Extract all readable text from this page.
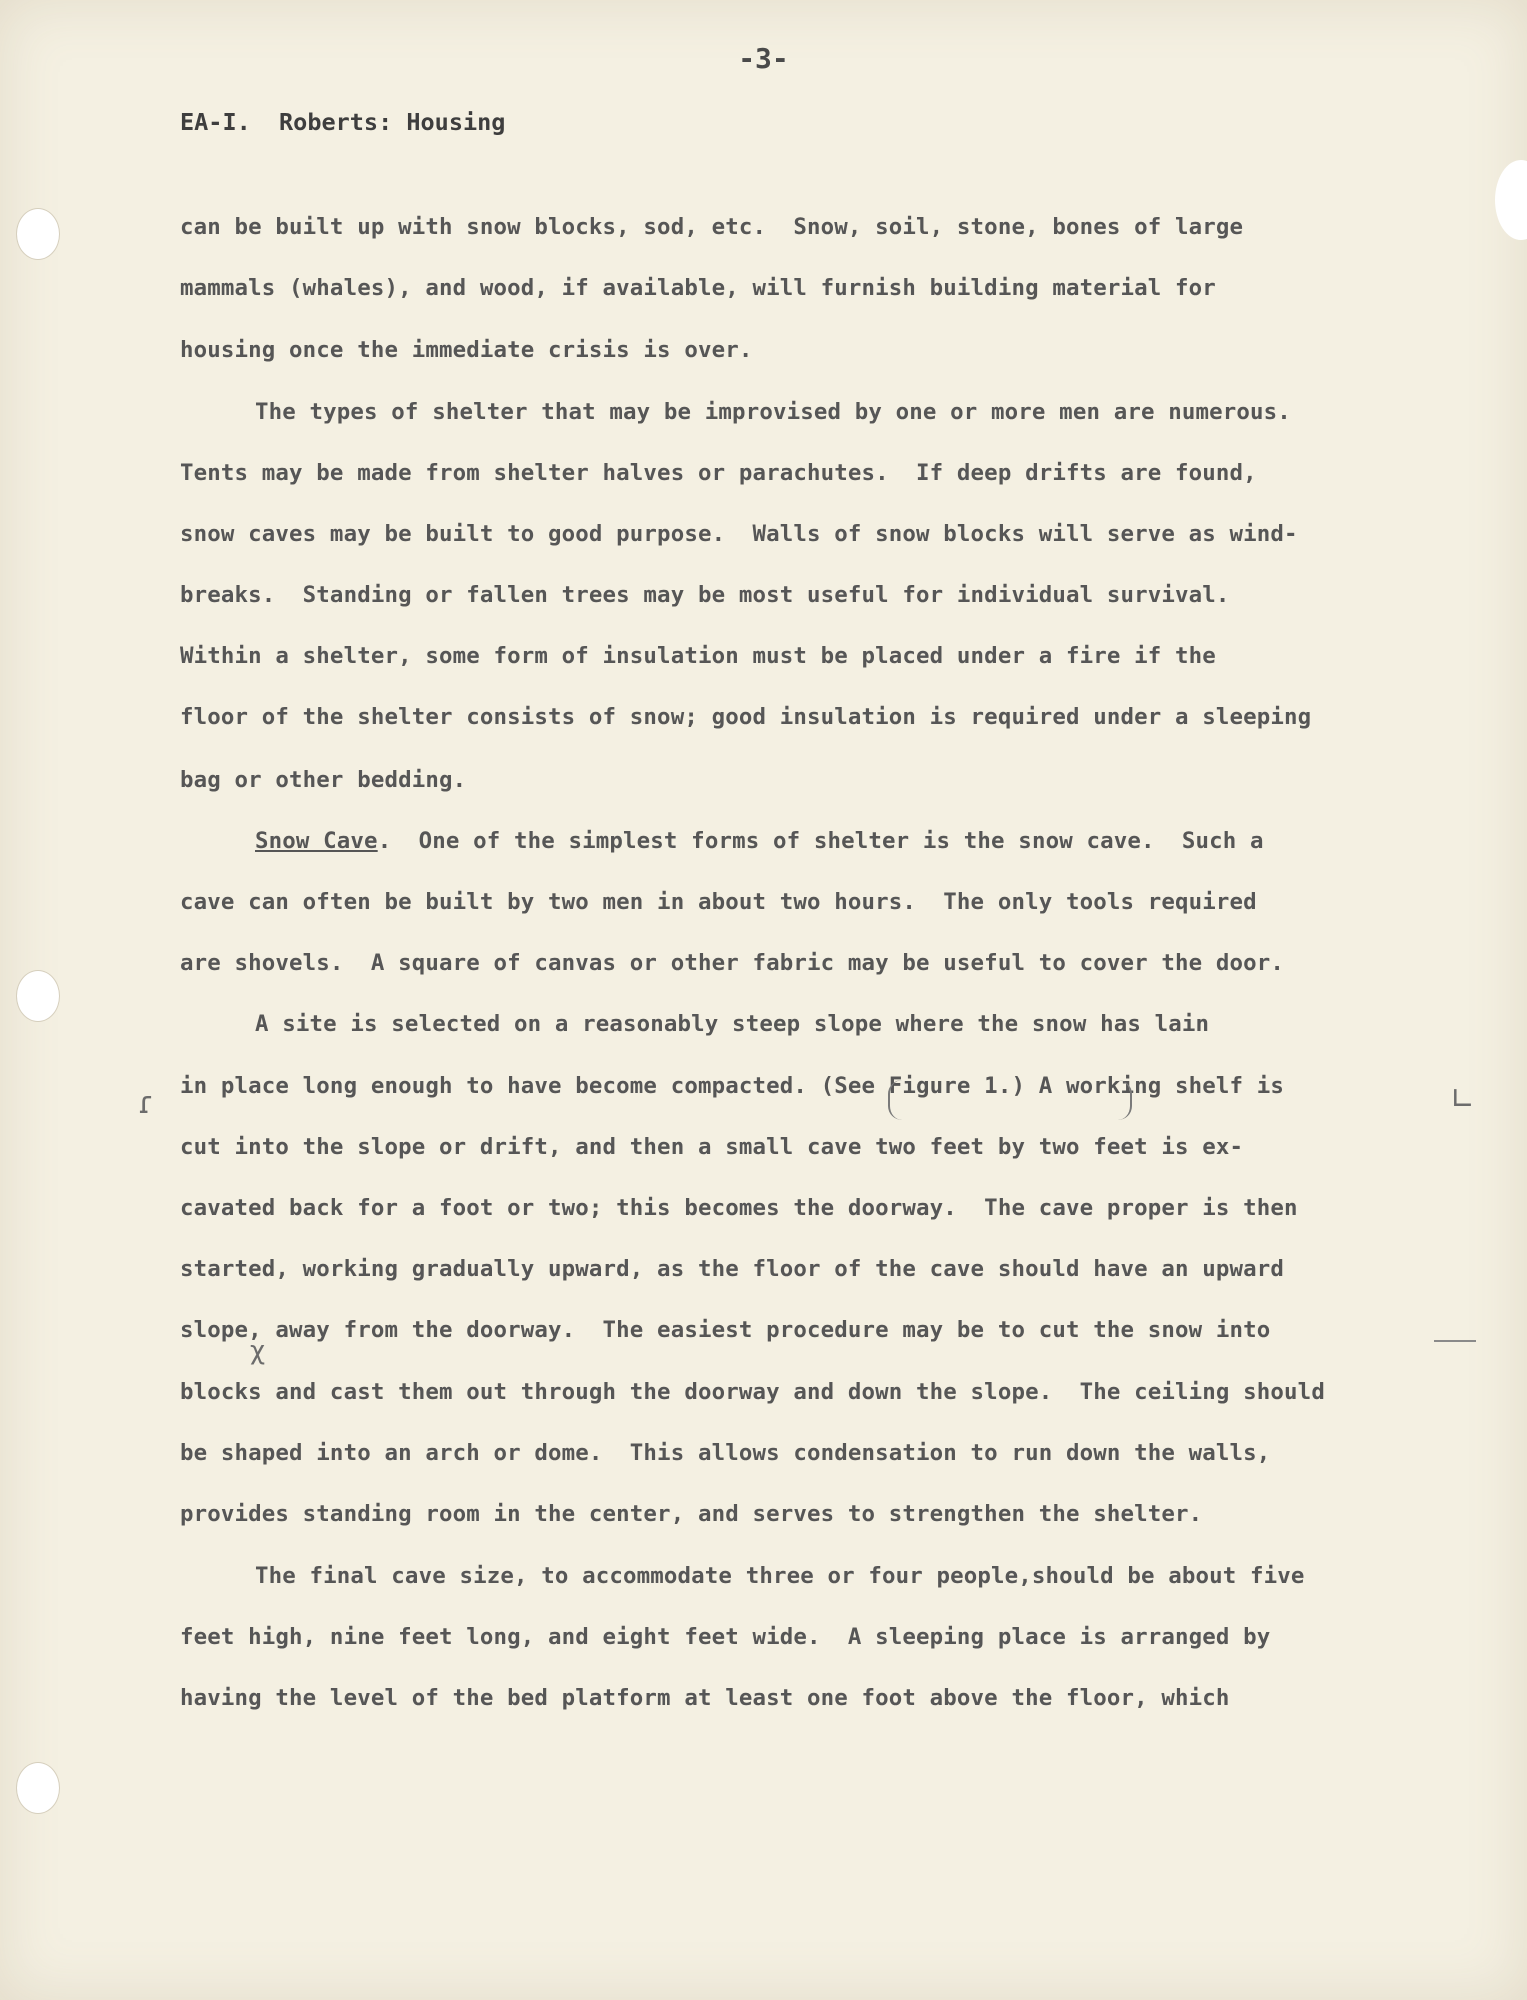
-3-
EA-I.  Roberts: Housing
can be built up with snow blocks, sod, etc.  Snow, soil, stone, bones of large
mammals (whales), and wood, if available, will furnish building material for
housing once the immediate crisis is over.
The types of shelter that may be improvised by one or more men are numerous.
Tents may be made from shelter halves or parachutes.  If deep drifts are found,
snow caves may be built to good purpose.  Walls of snow blocks will serve as wind-
breaks.  Standing or fallen trees may be most useful for individual survival.
Within a shelter, some form of insulation must be placed under a fire if the
floor of the shelter consists of snow; good insulation is required under a sleeping
bag or other bedding.
Snow Cave.  One of the simplest forms of shelter is the snow cave.  Such a
cave can often be built by two men in about two hours.  The only tools required
are shovels.  A square of canvas or other fabric may be useful to cover the door.
A site is selected on a reasonably steep slope where the snow has lain
in place long enough to have become compacted. (See Figure 1.) A working shelf is
cut into the slope or drift, and then a small cave two feet by two feet is ex-
cavated back for a foot or two; this becomes the doorway.  The cave proper is then
started, working gradually upward, as the floor of the cave should have an upward
slope, away from the doorway.  The easiest procedure may be to cut the snow into
blocks and cast them out through the doorway and down the slope.  The ceiling should
be shaped into an arch or dome.  This allows condensation to run down the walls,
provides standing room in the center, and serves to strengthen the shelter.
The final cave size, to accommodate three or four people,should be about five
feet high, nine feet long, and eight feet wide.  A sleeping place is arranged by
having the level of the bed platform at least one foot above the floor, which
ɾ	∟
χ
